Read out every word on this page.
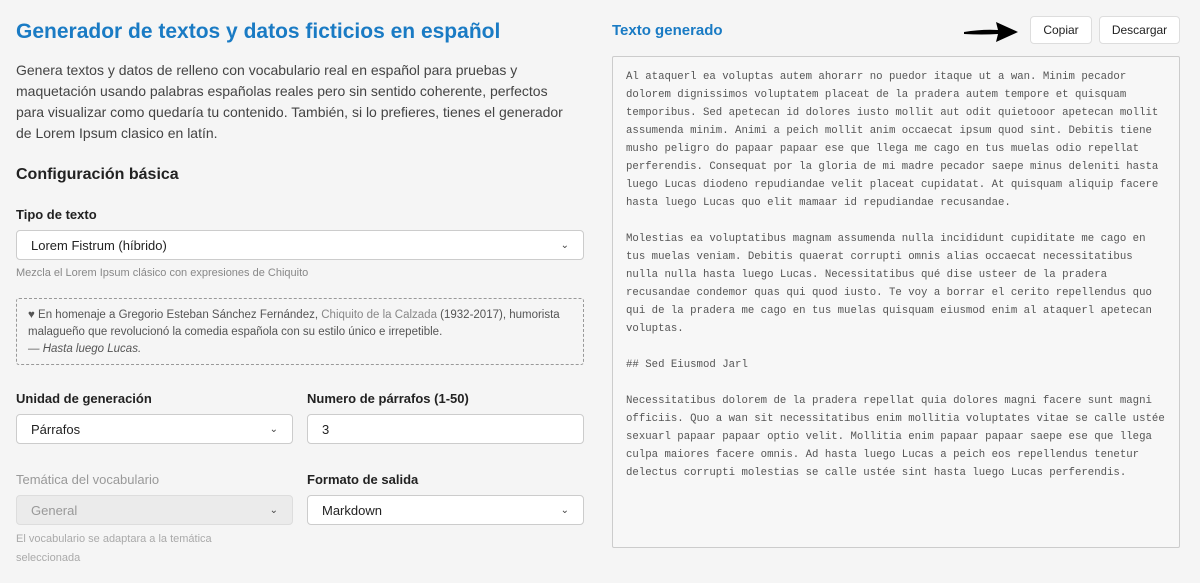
Generador de textos y datos ficticios en español

Genera textos y datos de relleno con vocabulario real en español para pruebas y maquetación usando palabras españolas reales pero sin sentido coherente, perfectos para visualizar como quedaría tu contenido. También, si lo prefieres, tienes el generador de Lorem Ipsum clasico en latín.

Configuración básica
Tipo de texto
Lorem Fistrum (híbrido)	⌄
Mezcla el Lorem Ipsum clásico con expresiones de Chiquito
♥ En homenaje a Gregorio Esteban Sánchez Fernández, Chiquito de la Calzada (1932-2017), humorista malagueño que revolucionó la comedia española con su estilo único e irrepetible.
— Hasta luego Lucas.
Unidad de generación
Párrafos	⌄
Numero de párrafos (1-50)
3
Temática del vocabulario
General	⌄
El vocabulario se adaptara a la temática seleccionada
Formato de salida
Markdown	⌄
Texto generado	Copiar	Descargar
Al ataquerl ea voluptas autem ahorarr no puedor itaque ut a wan. Minim pecador dolorem dignissimos voluptatem placeat de la pradera autem tempore et quisquam temporibus. Sed apetecan id dolores iusto mollit aut odit quietooor apetecan mollit assumenda minim. Animi a peich mollit anim occaecat ipsum quod sint. Debitis tiene musho peligro do papaar papaar ese que llega me cago en tus muelas odio repellat perferendis. Consequat por la gloria de mi madre pecador saepe minus deleniti hasta luego Lucas diodeno repudiandae velit placeat cupidatat. At quisquam aliquip facere hasta luego Lucas quo elit mamaar id repudiandae recusandae.

Molestias ea voluptatibus magnam assumenda nulla incididunt cupiditate me cago en tus muelas veniam. Debitis quaerat corrupti omnis alias occaecat necessitatibus nulla nulla hasta luego Lucas. Necessitatibus qué dise usteer de la pradera recusandae condemor quas qui quod iusto. Te voy a borrar el cerito repellendus quo qui de la pradera me cago en tus muelas quisquam eiusmod enim al ataquerl apetecan voluptas.

## Sed Eiusmod Jarl

Necessitatibus dolorem de la pradera repellat quia dolores magni facere sunt magni officiis. Quo a wan sit necessitatibus enim mollitia voluptates vitae se calle ustée sexuarl papaar papaar optio velit. Mollitia enim papaar papaar saepe ese que llega culpa maiores facere omnis. Ad hasta luego Lucas a peich eos repellendus tenetur delectus corrupti molestias se calle ustée sint hasta luego Lucas perferendis.
